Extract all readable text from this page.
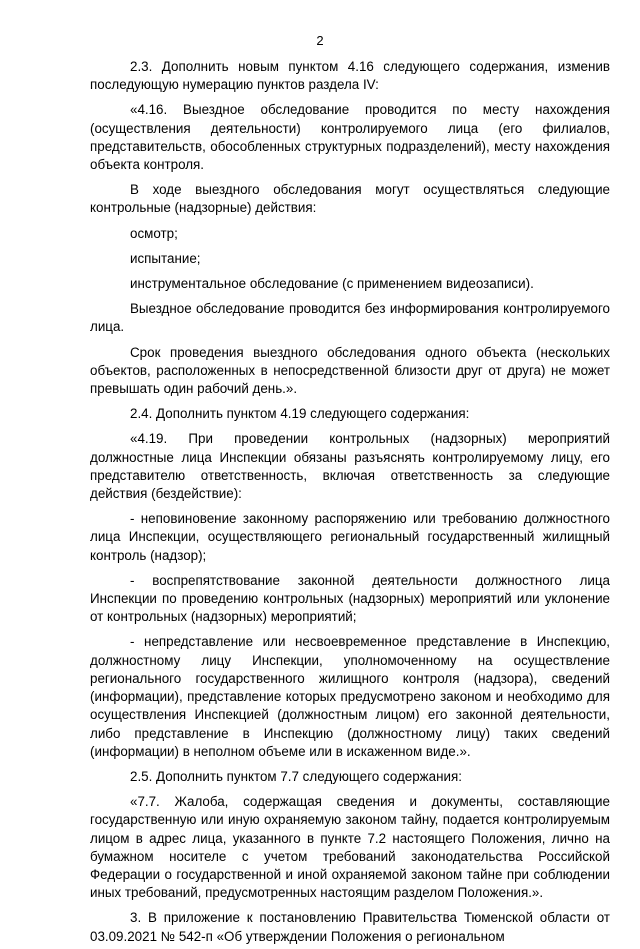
2

2.3. Дополнить новым пунктом 4.16 следующего содержания, изменив последующую нумерацию пунктов раздела IV:

«4.16. Выездное обследование проводится по месту нахождения (осуществления деятельности) контролируемого лица (его филиалов, представительств, обособленных структурных подразделений), месту нахождения объекта контроля.

В ходе выездного обследования могут осуществляться следующие контрольные (надзорные) действия:

осмотр;

испытание;

инструментальное обследование (с применением видеозаписи).

Выездное обследование проводится без информирования контролируемого лица.

Срок проведения выездного обследования одного объекта (нескольких объектов, расположенных в непосредственной близости друг от друга) не может превышать один рабочий день.».

2.4. Дополнить пунктом 4.19 следующего содержания:

«4.19. При проведении контрольных (надзорных) мероприятий должностные лица Инспекции обязаны разъяснять контролируемому лицу, его представителю ответственность, включая ответственность за следующие действия (бездействие):

- неповиновение законному распоряжению или требованию должностного лица Инспекции, осуществляющего региональный государственный жилищный контроль (надзор);

- воспрепятствование законной деятельности должностного лица Инспекции по проведению контрольных (надзорных) мероприятий или уклонение от контрольных (надзорных) мероприятий;

- непредставление или несвоевременное представление в Инспекцию, должностному лицу Инспекции, уполномоченному на осуществление регионального государственного жилищного контроля (надзора), сведений (информации), представление которых предусмотрено законом и необходимо для осуществления Инспекцией (должностным лицом) его законной деятельности, либо представление в Инспекцию (должностному лицу) таких сведений (информации) в неполном объеме или в искаженном виде.».

2.5. Дополнить пунктом 7.7 следующего содержания:

«7.7. Жалоба, содержащая сведения и документы, составляющие государственную или иную охраняемую законом тайну, подается контролируемым лицом в адрес лица, указанного в пункте 7.2 настоящего Положения, лично на бумажном носителе с учетом требований законодательства Российской Федерации о государственной и иной охраняемой законом тайне при соблюдении иных требований, предусмотренных настоящим разделом Положения.».

3. В приложение к постановлению Правительства Тюменской области от 03.09.2021 № 542-п «Об утверждении Положения о региональном
